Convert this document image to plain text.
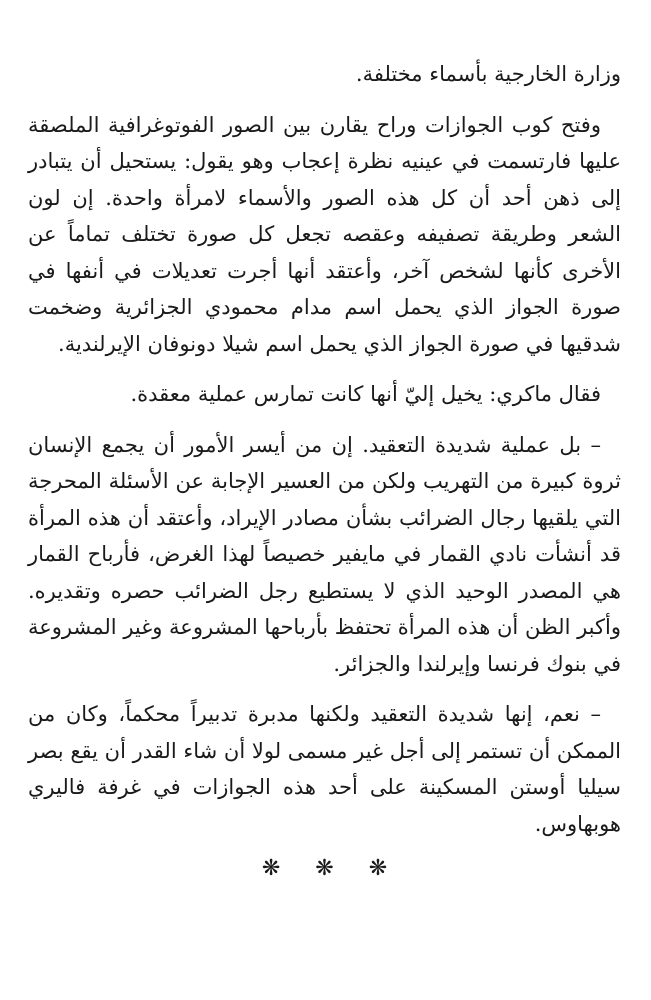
وزارة الخارجية بأسماء مختلفة.

وفتح كوب الجوازات وراح يقارن بين الصور الفوتوغرافية الملصقة عليها فارتسمت في عينيه نظرة إعجاب وهو يقول: يستحيل أن يتبادر إلى ذهن أحد أن كل هذه الصور والأسماء لامرأة واحدة. إن لون الشعر وطريقة تصفيفه وعقصه تجعل كل صورة تختلف تماماً عن الأخرى كأنها لشخص آخر، وأعتقد أنها أجرت تعديلات في أنفها في صورة الجواز الذي يحمل اسم مدام محمودي الجزائرية وضخمت شدقيها في صورة الجواز الذي يحمل اسم شيلا دونوفان الإيرلندية.

فقال ماكري: يخيل إليّ أنها كانت تمارس عملية معقدة.

– بل عملية شديدة التعقيد. إن من أيسر الأمور أن يجمع الإنسان ثروة كبيرة من التهريب ولكن من العسير الإجابة عن الأسئلة المحرجة التي يلقيها رجال الضرائب بشأن مصادر الإيراد، وأعتقد أن هذه المرأة قد أنشأت نادي القمار في مايفير خصيصاً لهذا الغرض، فأرباح القمار هي المصدر الوحيد الذي لا يستطيع رجل الضرائب حصره وتقديره. وأكبر الظن أن هذه المرأة تحتفظ بأرباحها المشروعة وغير المشروعة في بنوك فرنسا وإيرلندا والجزائر.

– نعم، إنها شديدة التعقيد ولكنها مدبرة تدبيراً محكماً، وكان من الممكن أن تستمر إلى أجل غير مسمى لولا أن شاء القدر أن يقع بصر سيليا أوستن المسكينة على أحد هذه الجوازات في غرفة فاليري هوبهاوس.

❋ ❋ ❋
